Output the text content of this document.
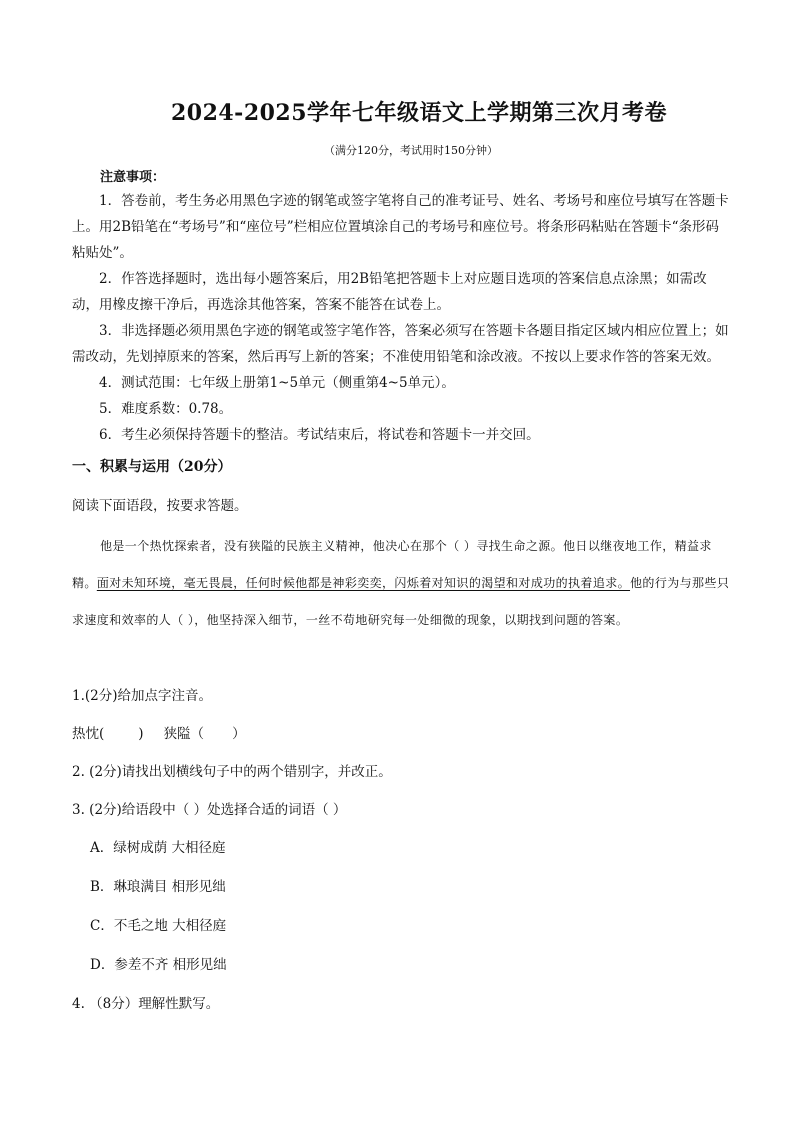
2024-2025学年七年级语文上学期第三次月考卷
（满分120分，考试用时150分钟）
注意事项：

1．答卷前，考生务必用黑色字迹的钢笔或签字笔将自己的准考证号、姓名、考场号和座位号填写在答题卡上。用2B铅笔在“考场号”和“座位号”栏相应位置填涂自己的考场号和座位号。将条形码粘贴在答题卡“条形码粘贴处”。

2．作答选择题时，选出每小题答案后，用2B铅笔把答题卡上对应题目选项的答案信息点涂黑；如需改动，用橡皮擦干净后，再选涂其他答案，答案不能答在试卷上。

3．非选择题必须用黑色字迹的钢笔或签字笔作答，答案必须写在答题卡各题目指定区域内相应位置上；如需改动，先划掉原来的答案，然后再写上新的答案；不准使用铅笔和涂改液。不按以上要求作答的答案无效。

4．测试范围：七年级上册第1~5单元（侧重第4~5单元）。

5．难度系数：0.78。

6．考生必须保持答题卡的整洁。考试结束后，将试卷和答题卡一并交回。

一、积累与运用（20分）
阅读下面语段，按要求答题。
他是一个热忱探索者，没有狭隘的民族主义精神，他决心在那个（ ）寻找生命之源。他日以继夜地工作，精益求精。面对未知环境，毫无畏晨，任何时候他都是神彩奕奕，闪烁着对知识的渴望和对成功的执着追求。他的行为与那些只求速度和效率的人（ ），他坚持深入细节，一丝不苟地研究每一处细微的现象，以期找到问题的答案。
1.(2分)给加点字注音。
热忱(	) 狭隘（ ）
2. (2分)请找出划横线句子中的两个错别字，并改正。
3. (2分)给语段中（ ）处选择合适的词语（ ）
A．绿树成荫 大相径庭
B．琳琅满目 相形见绌
C．不毛之地 大相径庭
D．参差不齐 相形见绌
4. （8分）理解性默写。
